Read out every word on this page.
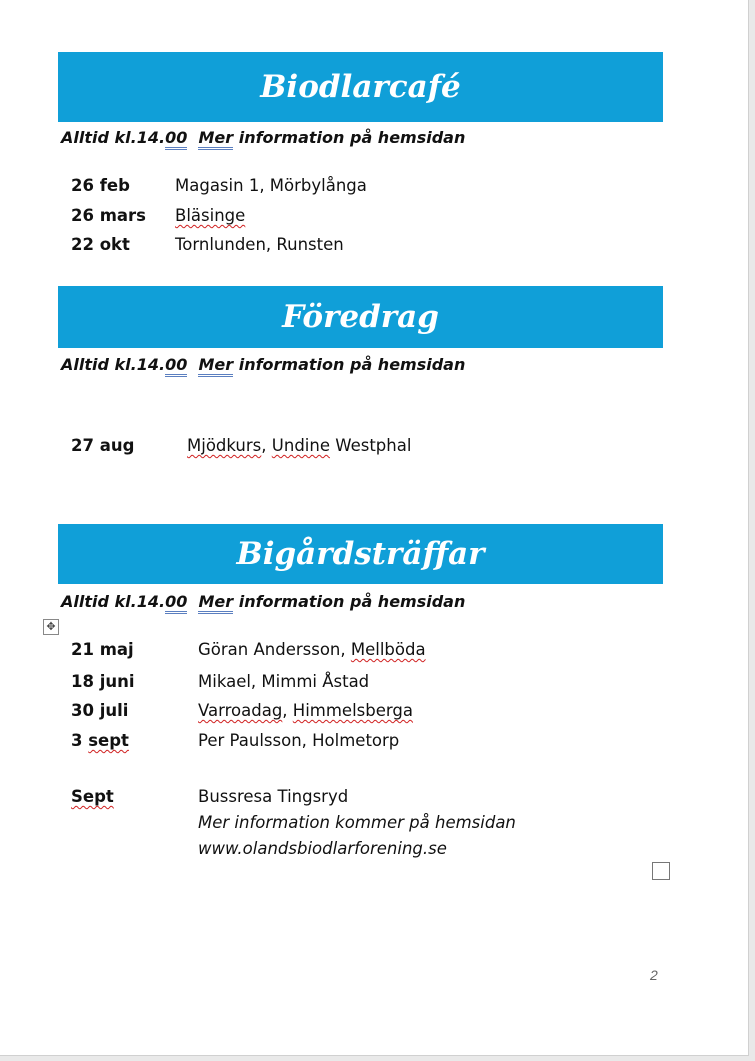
Biodlarcafé
Alltid kl.14.00 Mer information på hemsidan
26 feb	Magasin 1, Mörbylånga
26 mars Bläsinge
22 okt	Tornlunden, Runsten
Föredrag
Alltid kl.14.00 Mer information på hemsidan
27 aug	Mjödkurs, Undine Westphal
Bigårdsträffar
Alltid kl.14.00 Mer information på hemsidan
✥
21 maj	Göran Andersson, Mellböda
18 juni	Mikael, Mimmi Åstad
30 juli	Varroadag, Himmelsberga
3 sept	Per Paulsson, Holmetorp
Sept	Bussresa Tingsryd
Mer information kommer på hemsidan
www.olandsbiodlarforening.se
2
